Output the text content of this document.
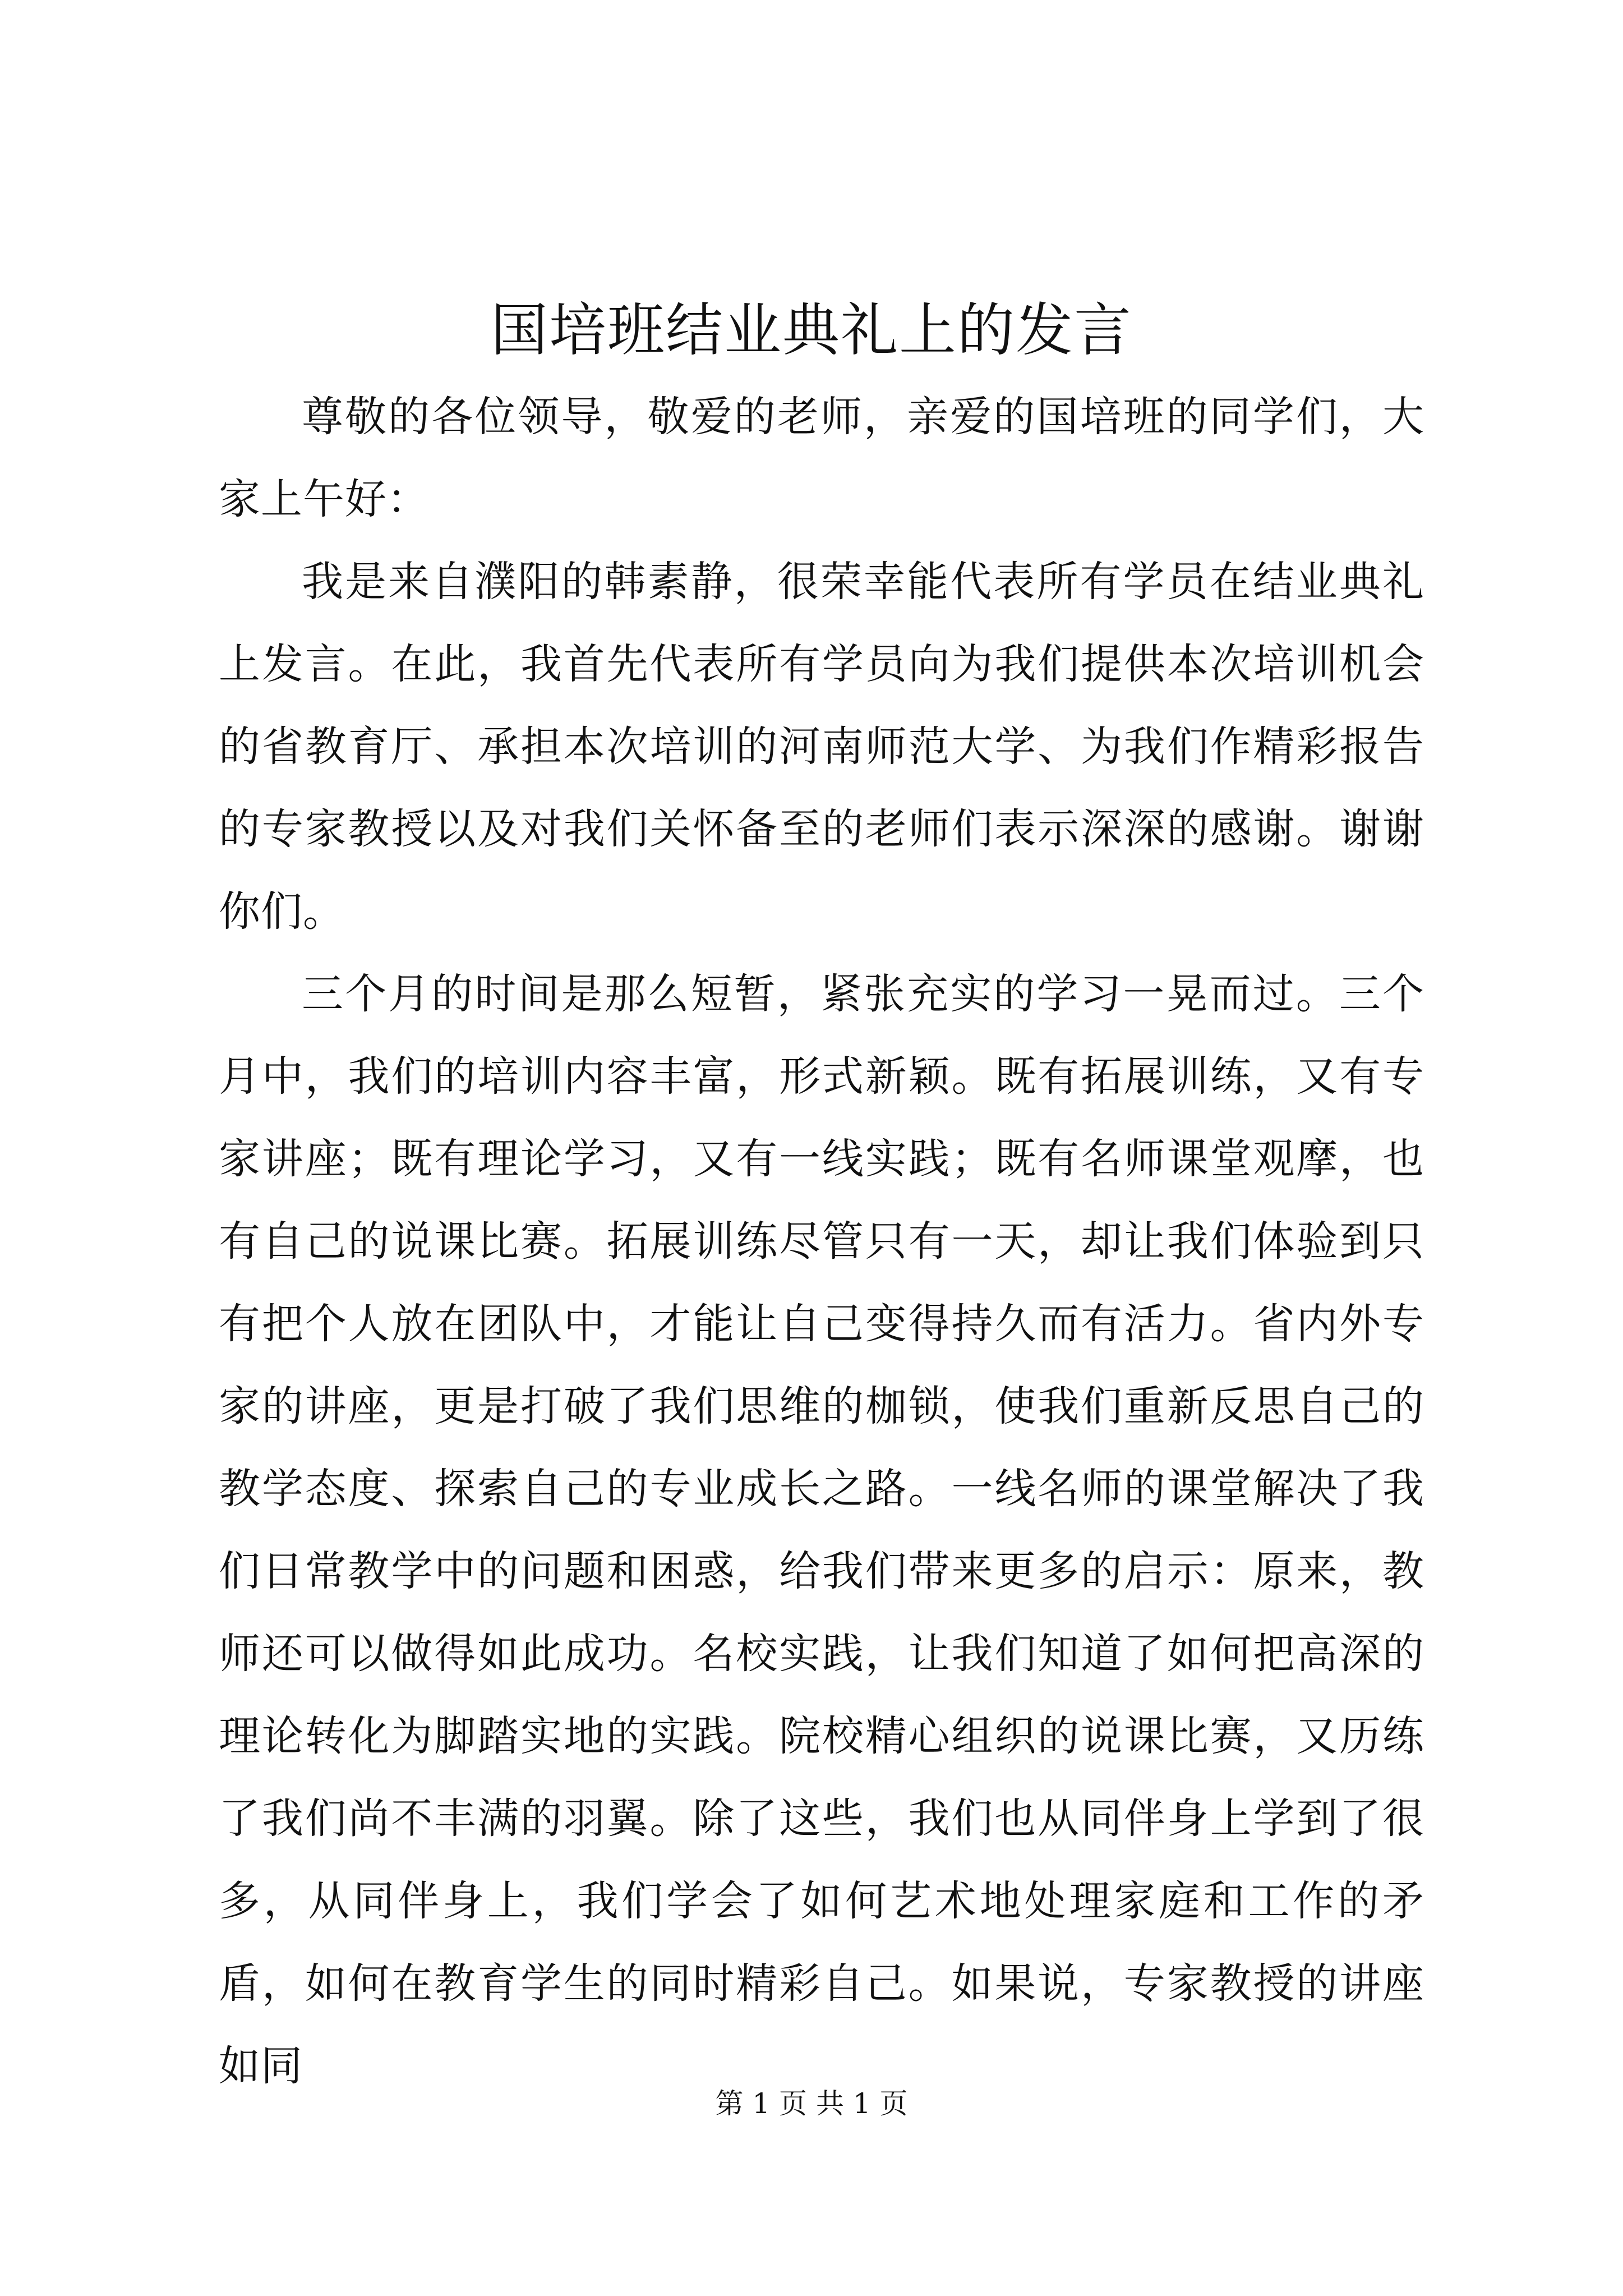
国培班结业典礼上的发言

尊敬的各位领导，敬爱的老师，亲爱的国培班的同学们，大家上午好：

我是来自濮阳的韩素静，很荣幸能代表所有学员在结业典礼上发言。在此，我首先代表所有学员向为我们提供本次培训机会的省教育厅、承担本次培训的河南师范大学、为我们作精彩报告的专家教授以及对我们关怀备至的老师们表示深深的感谢。谢谢你们。

三个月的时间是那么短暂，紧张充实的学习一晃而过。三个月中，我们的培训内容丰富，形式新颖。既有拓展训练，又有专家讲座；既有理论学习，又有一线实践；既有名师课堂观摩，也有自己的说课比赛。拓展训练尽管只有一天，却让我们体验到只有把个人放在团队中，才能让自己变得持久而有活力。省内外专家的讲座，更是打破了我们思维的枷锁，使我们重新反思自己的教学态度、探索自己的专业成长之路。一线名师的课堂解决了我们日常教学中的问题和困惑，给我们带来更多的启示：原来，教师还可以做得如此成功。名校实践，让我们知道了如何把高深的理论转化为脚踏实地的实践。院校精心组织的说课比赛，又历练了我们尚不丰满的羽翼。除了这些，我们也从同伴身上学到了很多，从同伴身上，我们学会了如何艺术地处理家庭和工作的矛盾，如何在教育学生的同时精彩自己。如果说，专家教授的讲座如同

第 1 页 共 1 页
